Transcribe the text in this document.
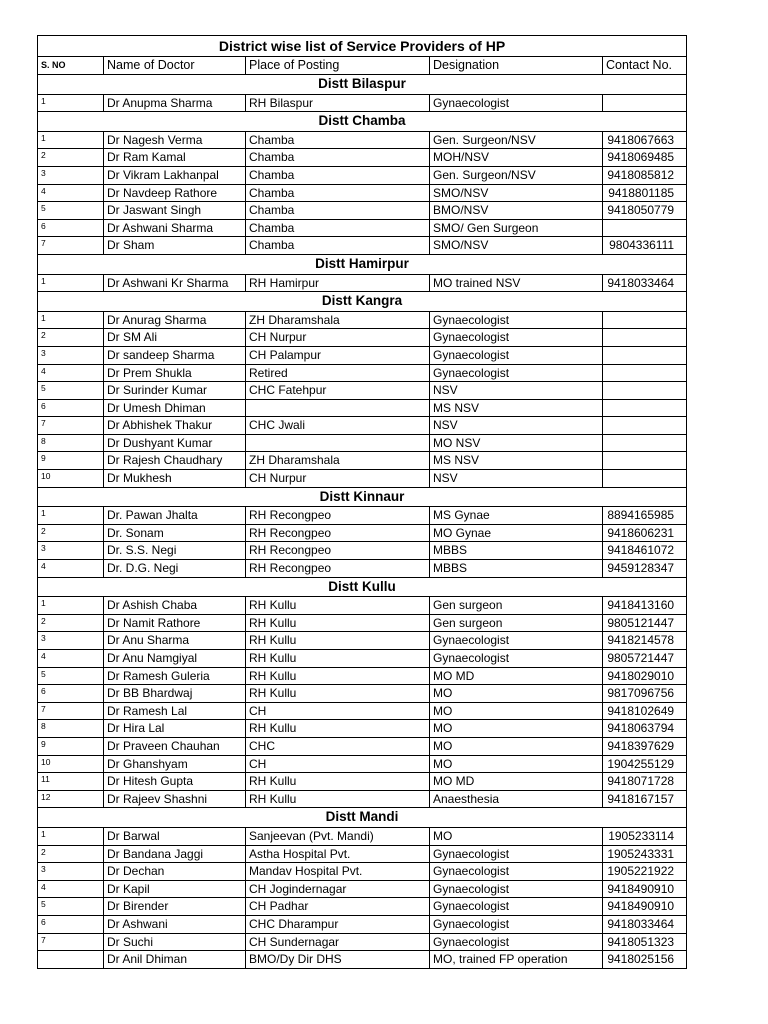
District wise list of Service Providers of HP				
S. NO	Name of Doctor	Place of Posting	Designation	Contact No.
Distt Bilaspur				
1	Dr Anupma Sharma	RH Bilaspur	Gynaecologist	
Distt Chamba				
1	Dr Nagesh Verma	Chamba	Gen. Surgeon/NSV	9418067663
2	Dr Ram Kamal	Chamba	MOH/NSV	9418069485
3	Dr Vikram Lakhanpal	Chamba	Gen. Surgeon/NSV	9418085812
4	Dr Navdeep Rathore	Chamba	SMO/NSV	9418801185
5	Dr Jaswant Singh	Chamba	BMO/NSV	9418050779
6	Dr Ashwani Sharma	Chamba	SMO/ Gen Surgeon	
7	Dr Sham	Chamba	SMO/NSV	9804336111
Distt Hamirpur				
1	Dr Ashwani Kr Sharma	RH Hamirpur	MO trained NSV	9418033464
Distt Kangra				
1	Dr Anurag Sharma	ZH Dharamshala	Gynaecologist	
2	Dr SM Ali	CH Nurpur	Gynaecologist	
3	Dr sandeep Sharma	CH Palampur	Gynaecologist	
4	Dr Prem Shukla	Retired	Gynaecologist	
5	Dr Surinder Kumar	CHC Fatehpur	NSV	
6	Dr Umesh Dhiman		MS NSV	
7	Dr Abhishek Thakur	CHC Jwali	NSV	
8	Dr Dushyant Kumar		MO NSV	
9	Dr Rajesh Chaudhary	ZH Dharamshala	MS NSV	
10	Dr Mukhesh	CH Nurpur	NSV	
Distt Kinnaur				
1	Dr. Pawan Jhalta	RH Recongpeo	MS Gynae	8894165985
2	Dr. Sonam	RH Recongpeo	MO Gynae	9418606231
3	Dr. S.S. Negi	RH Recongpeo	MBBS	9418461072
4	Dr. D.G. Negi	RH Recongpeo	MBBS	9459128347
Distt Kullu				
1	Dr Ashish Chaba	RH Kullu	Gen surgeon	9418413160
2	Dr Namit Rathore	RH Kullu	Gen surgeon	9805121447
3	Dr Anu Sharma	RH Kullu	Gynaecologist	9418214578
4	Dr Anu Namgiyal	RH Kullu	Gynaecologist	9805721447
5	Dr Ramesh Guleria	RH Kullu	MO MD	9418029010
6	Dr BB Bhardwaj	RH Kullu	MO	9817096756
7	Dr Ramesh Lal	CH	MO	9418102649
8	Dr Hira Lal	RH Kullu	MO	9418063794
9	Dr Praveen Chauhan	CHC	MO	9418397629
10	Dr Ghanshyam	CH	MO	1904255129
11	Dr Hitesh Gupta	RH Kullu	MO MD	9418071728
12	Dr Rajeev Shashni	RH Kullu	Anaesthesia	9418167157
Distt Mandi				
1	Dr Barwal	Sanjeevan (Pvt. Mandi)	MO	1905233114
2	Dr Bandana Jaggi	Astha Hospital Pvt.	Gynaecologist	1905243331
3	Dr Dechan	Mandav Hospital Pvt.	Gynaecologist	1905221922
4	Dr Kapil	CH Jogindernagar	Gynaecologist	9418490910
5	Dr Birender	CH Padhar	Gynaecologist	9418490910
6	Dr Ashwani	CHC Dharampur	Gynaecologist	9418033464
7	Dr Suchi	CH Sundernagar	Gynaecologist	9418051323
	Dr Anil Dhiman	BMO/Dy Dir DHS	MO, trained FP operation	9418025156
